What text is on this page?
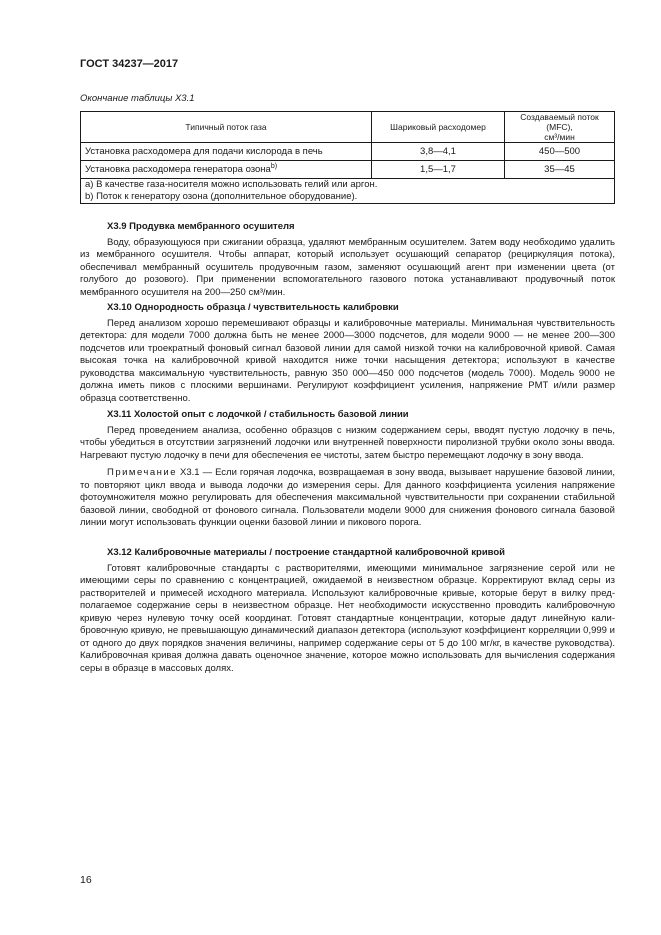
ГОСТ 34237—2017
Окончание таблицы Х3.1
Типичный поток газа	Шариковый расходомер	Создаваемый поток (MFC),
см³/мин
Установка расходомера для подачи кислорода в печь	3,8—4,1	450—500
Установка расходомера генератора озона$^{b)}$	1,5—1,7	35—45

a) В качестве газа-носителя можно использовать гелий или аргон.
b) Поток к генератору озона (дополнительное оборудование).		
Х3.9 Продувка мембранного осушителя

Воду, образующуюся при сжигании образца, удаляют мембранным осушителем. Затем воду необходимо удалить из мембранного осушителя. Чтобы аппарат, который использует осушающий сепаратор (рециркуляция потока), обеспечивал мембранный осушитель продувочным газом, заменяют осушающий агент при изменении цвета (от голубого до розового). При применении вспомогательного газового потока устанавливают продувочный поток мембранного осушителя на 200—250 см³/мин.

Х3.10 Однородность образца / чувствительность калибровки

Перед анализом хорошо перемешивают образцы и калибровочные материалы. Минимальная чувствительность детектора: для модели 7000 должна быть не менее 2000—3000 подсчетов, для модели 9000 — не менее 200—300 подсчетов или троекратный фоновый сигнал базовой линии для самой низкой точки на калибровочной кривой. Самая высокая точка на калибровочной кривой находится ниже точки насыщения детектора; используют в качестве руководства максимальную чувствительность, равную 350 000—450 000 подсчетов (модель 7000). Модель 9000 не должна иметь пиков с плоскими вершинами. Регулируют коэффициент усиления, напряжение PMT и/или размер образца соответственно.

Х3.11 Холостой опыт с лодочкой / стабильность базовой линии

Перед проведением анализа, особенно образцов с низким содержанием серы, вводят пустую лодочку в печь, чтобы убедиться в отсутствии загрязнений лодочки или внутренней поверхности пиролизной трубки около зоны ввода. Нагревают пустую лодочку в печи для обеспечения ее чистоты, затем быстро перемещают лодочку в зону ввода.

Примечание Х3.1 — Если горячая лодочка, возвращаемая в зону ввода, вызывает нарушение базовой линии, то повторяют цикл ввода и вывода лодочки до измерения серы. Для данного коэффициента усиления напряжение фотоумножителя можно регулировать для обеспечения максимальной чувствительности при сохранении стабильной базовой линии, свободной от фонового сигнала. Пользователи модели 9000 для снижения фонового сигнала базовой линии могут использовать функции оценки базовой линии и пикового порога.

Х3.12 Калибровочные материалы / построение стандартной калибровочной кривой

Готовят калибровочные стандарты с растворителями, имеющими минимальное загрязнение серой или не имеющими серы по сравнению с концентрацией, ожидаемой в неизвестном образце. Корректируют вклад серы из растворителей и примесей исходного материала. Используют калибровочные кривые, которые берут в вилку предполагаемое содержание серы в неизвестном образце. Нет необходимости искусственно проводить калибровочную кривую через нулевую точку осей координат. Готовят стандартные концентрации, которые дадут линейную калибровочную кривую, не превышающую динамический диапазон детектора (используют коэффициент корреляции 0,999 и от одного до двух порядков значения величины, например содержание серы от 5 до 100 мг/кг, в качестве руководства). Калибровочная кривая должна давать оценочное значение, которое можно использовать для вычисления содержания серы в образце в массовых долях.

16
